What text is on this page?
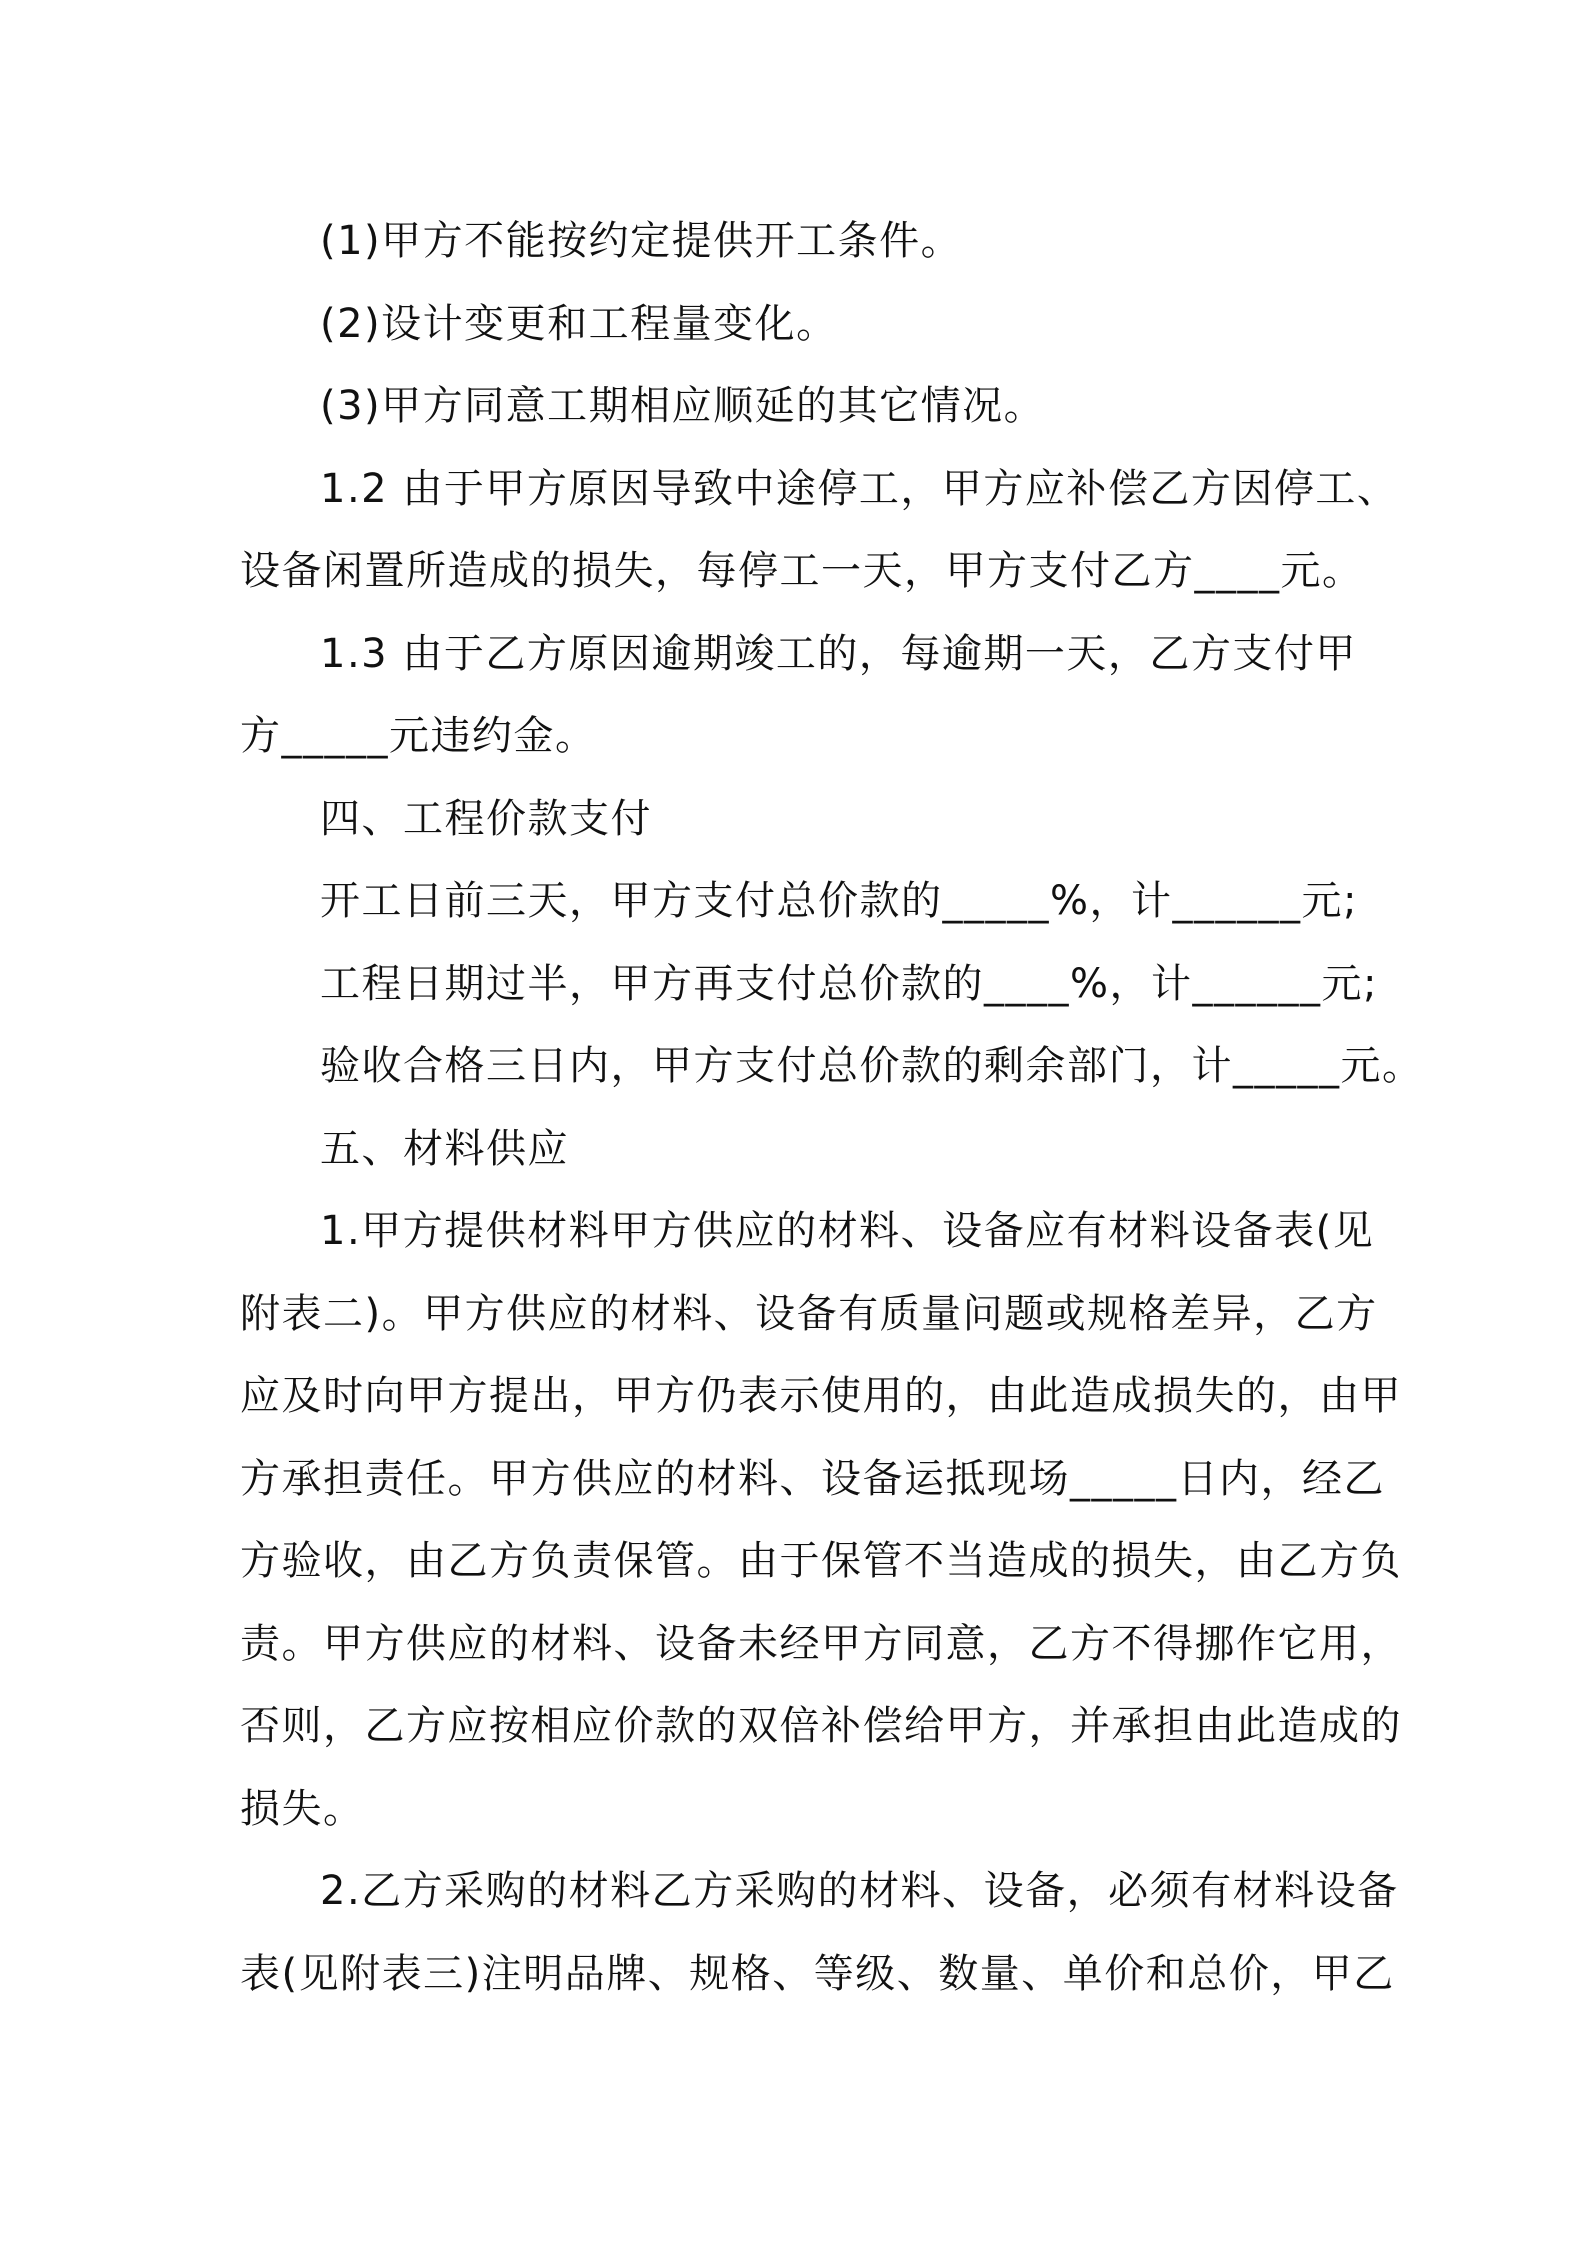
(1)甲方不能按约定提供开工条件。
(2)设计变更和工程量变化。
(3)甲方同意工期相应顺延的其它情况。
1.2 由于甲方原因导致中途停工，甲方应补偿乙方因停工、
设备闲置所造成的损失，每停工一天，甲方支付乙方____元。
1.3 由于乙方原因逾期竣工的，每逾期一天，乙方支付甲
方_____元违约金。
四、工程价款支付
开工日前三天，甲方支付总价款的_____%，计______元;
工程日期过半，甲方再支付总价款的____%，计______元;
验收合格三日内，甲方支付总价款的剩余部门，计_____元。
五、材料供应
1.甲方提供材料甲方供应的材料、设备应有材料设备表(见
附表二)。甲方供应的材料、设备有质量问题或规格差异，乙方
应及时向甲方提出，甲方仍表示使用的，由此造成损失的，由甲
方承担责任。甲方供应的材料、设备运抵现场_____日内，经乙
方验收，由乙方负责保管。由于保管不当造成的损失，由乙方负
责。甲方供应的材料、设备未经甲方同意，乙方不得挪作它用，
否则，乙方应按相应价款的双倍补偿给甲方，并承担由此造成的
损失。
2.乙方采购的材料乙方采购的材料、设备，必须有材料设备
表(见附表三)注明品牌、规格、等级、数量、单价和总价，甲乙
